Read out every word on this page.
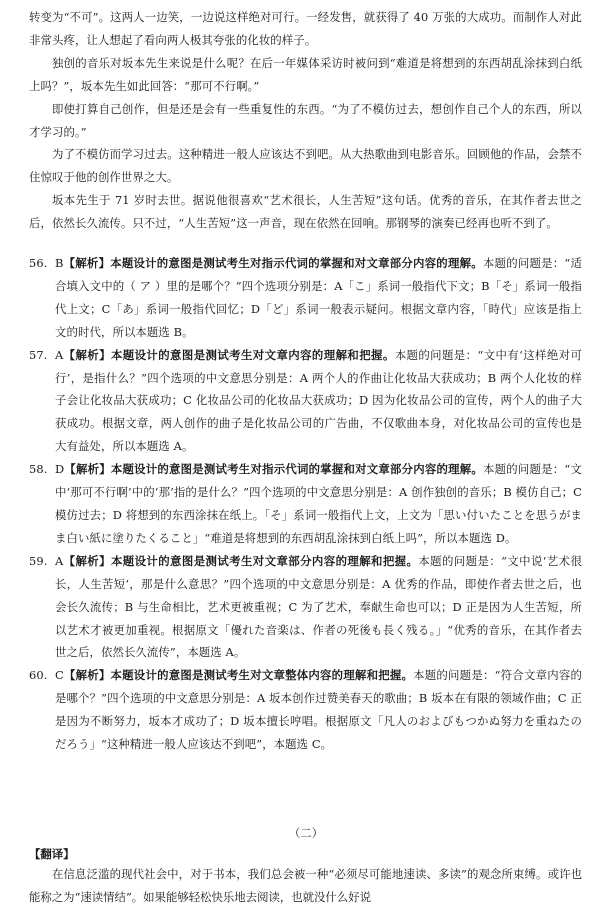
转变为“不可”。这两人一边笑，一边说这样绝对可行。一经发售，就获得了 40 万张的大成功。而制作人对此非常头疼，让人想起了看向两人极其夸张的化妆的样子。

独创的音乐对坂本先生来说是什么呢？在后一年媒体采访时被问到“难道是将想到的东西胡乱涂抹到白纸上吗？”，坂本先生如此回答：“那可不行啊。”

即使打算自己创作，但是还是会有一些重复性的东西。“为了不模仿过去，想创作自己个人的东西，所以才学习的。”

为了不模仿而学习过去。这种精进一般人应该达不到吧。从大热歌曲到电影音乐。回顾他的作品，会禁不住惊叹于他的创作世界之大。

坂本先生于 71 岁时去世。据说他很喜欢“艺术很长，人生苦短”这句话。优秀的音乐，在其作者去世之后，依然长久流传。只不过，“人生苦短”这一声音，现在依然在回响。那钢琴的演奏已经再也听不到了。

56. B【解析】本题设计的意图是测试考生对指示代词的掌握和对文章部分内容的理解。本题的问题是：“适合填入文中的（ ア ）里的是哪个？”四个选项分别是：A「こ」系词一般指代下文；B「そ」系词一般指代上文；C「あ」系词一般指代回忆；D「ど」系词一般表示疑问。根据文章内容，「時代」应该是指上文的时代，所以本题选 B。
57. A【解析】本题设计的意图是测试考生对文章内容的理解和把握。本题的问题是：“文中有‘这样绝对可行’，是指什么？”四个选项的中文意思分别是：A 两个人的作曲让化妆品大获成功；B 两个人化妆的样子会让化妆品大获成功；C 化妆品公司的化妆品大获成功；D 因为化妆品公司的宣传，两个人的曲子大获成功。根据文章，两人创作的曲子是化妆品公司的广告曲，不仅歌曲本身，对化妆品公司的宣传也是大有益处，所以本题选 A。
58. D【解析】本题设计的意图是测试考生对指示代词的掌握和对文章部分内容的理解。本题的问题是：“文中‘那可不行啊’中的‘那’指的是什么？”四个选项的中文意思分别是：A 创作独创的音乐；B 模仿自己；C 模仿过去；D 将想到的东西涂抹在纸上。「そ」系词一般指代上文，上文为「思い付いたことを思うがまま白い紙に塗りたくること」“难道是将想到的东西胡乱涂抹到白纸上吗”，所以本题选 D。
59. A【解析】本题设计的意图是测试考生对文章部分内容的理解和把握。本题的问题是：“文中说‘艺术很长，人生苦短’，那是什么意思？”四个选项的中文意思分别是：A 优秀的作品，即使作者去世之后，也会长久流传；B 与生命相比，艺术更被重视；C 为了艺术，奉献生命也可以；D 正是因为人生苦短，所以艺术才被更加重视。根据原文「優れた音楽は、作者の死後も長く残る。」“优秀的音乐，在其作者去世之后，依然长久流传”，本题选 A。
60. C【解析】本题设计的意图是测试考生对文章整体内容的理解和把握。本题的问题是：“符合文章内容的是哪个？”四个选项的中文意思分别是：A 坂本创作过赞美春天的歌曲；B 坂本在有限的领域作曲；C 正是因为不断努力，坂本才成功了；D 坂本擅长哼唱。根据原文「凡人のおよびもつかぬ努力を重ねたのだろう」“这种精进一般人应该达不到吧”，本题选 C。
（二）
【翻译】

在信息泛滥的现代社会中，对于书本，我们总会被一种“必须尽可能地速读、多读”的观念所束缚。或许也能称之为“速读情结”。如果能够轻松快乐地去阅读，也就没什么好说
